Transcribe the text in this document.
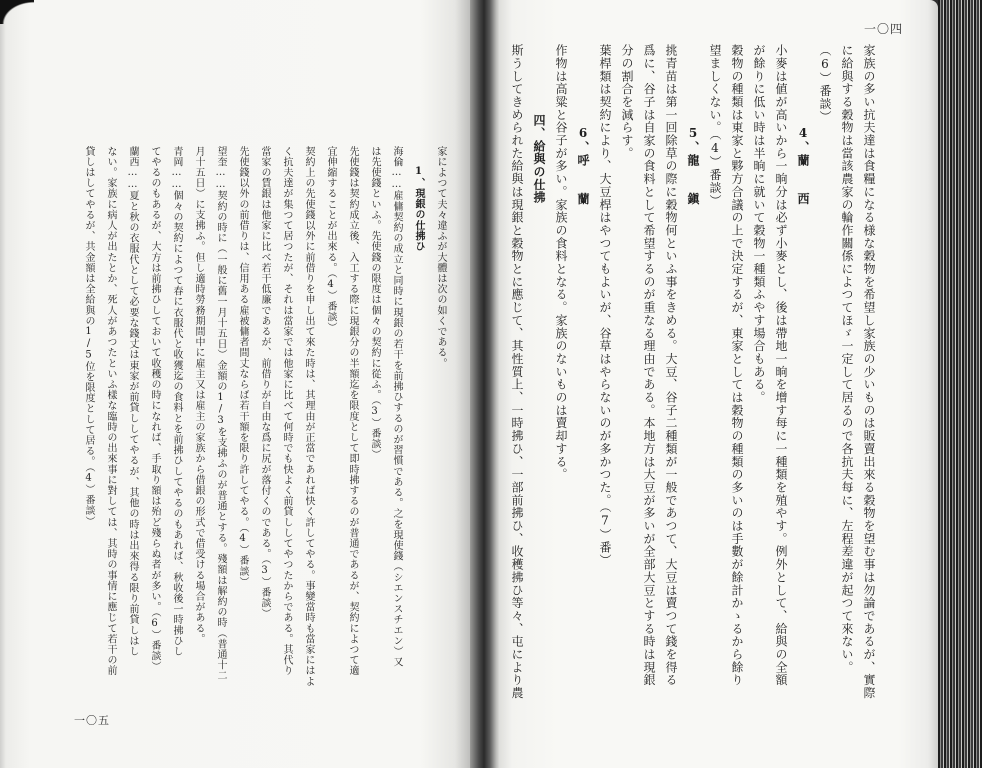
一〇四
家族の多い抗夫達は食糧になる様な穀物を希望し家族の少いものは販賣出來る穀物を望む事は勿論であるが、實際
に給與する穀物は當該農家の輪作關係によつてほゞ一定して居るので各抗夫每に、左程差違が起つて來ない。
（6）番談）
4、蘭　　西
小麥は値が高いから一晌分は必ず小麥とし、後は帶地一晌を增す每に一種類を殖やす。例外として、給與の全額
が餘りに低い時は半晌に就いて穀物一種類ふやす場合もある。
穀物の種類は東家と夥方合議の上で決定するが、東家としては穀物の種類の多いのは手數が餘計かゝるから餘り
望ましくない。（4）番談）
5、龍　　鎭
挑青苗は第一回除草の際に穀物何といふ事をきめる。大豆、谷子二種類が一般であつて、大豆は賣つて錢を得る
爲に、谷子は自家の食料として希望するのが重なる理由である。本地方は大豆が多いが全部大豆とする時は現銀
分の割合を減らす。
葉桿類は契約により、大豆桿はやつてもよいが、谷草はやらないのが多かつた。（7）番）
6、呼　　蘭
作物は高粱と谷子が多い。家族の食料となる。家族のないものは賣却する。
四、給與の仕拂
斯うしてきめられた給與は現銀と穀物とに應じて、其性質上、一時拂ひ、一部前拂ひ、收穫拂ひ等々、屯により農
家によつて夫々違ふが大體は次の如くである。
1、現銀の仕拂ひ
海倫……雇傭契約の成立と同時に現銀の若干を前拂ひするのが習慣である。之を現使錢（シエンスチエン）又
は先使錢といふ。先使錢の限度は個々の契約に從ふ。（3）番談）
先使錢は契約成立後、入工する際に現銀分の半額迄を限度として即時拂するのが普通であるが、契約によつて適
宜伸縮することが出來る。（4）番談）
契約上の先使錢以外に前借りを申し出て來た時は、其理由が正當であれば快く許してやる。事變當時も當家にはよ
く抗夫達が集つて居つたが、それは當家では他家に比べて何時でも快よく前貸ししてやつたからである。其代り
當家の賃銀は他家に比べ若干低廉であるが、前借りが自由な爲に尻が落付くのである。（3）番談）
先使錢以外の前借りは、信用ある雇被傭者間丈ならば若干額を限り許してやる。（4）番談）
望奎……契約の時に（一般に舊一月十五日）金額の1/3を支拂ふのが普通とする。殘額は解約の時（普通十二
月十五日）に支拂ふ。但し適時勞務期間中に雇主又は雇主の家族から借銀の形式で借受ける場合がある。
青岡……個々の契約によつて春に衣服代と收獲迄の食料とを前拂ひしてやるのもあれば、秋收後一時拂ひし
てやるのもあるが、大方は前拂ひしておいて收穫の時になれば、手取り額は殆ど殘らぬ者が多い。（6）番談）
蘭西……夏と秋の衣服代として必要な錢丈は東家が前貸ししてやるが、其他の時は出來得る限り前貸しはし
ない。家族に病人が出たとか、死人があつたといふ樣な臨時の出來事に對しては、其時の事情に應じて若干の前
貸しはしてやるが、共金額は全給與の1/5位を限度として居る。（4）番談）
一〇五
